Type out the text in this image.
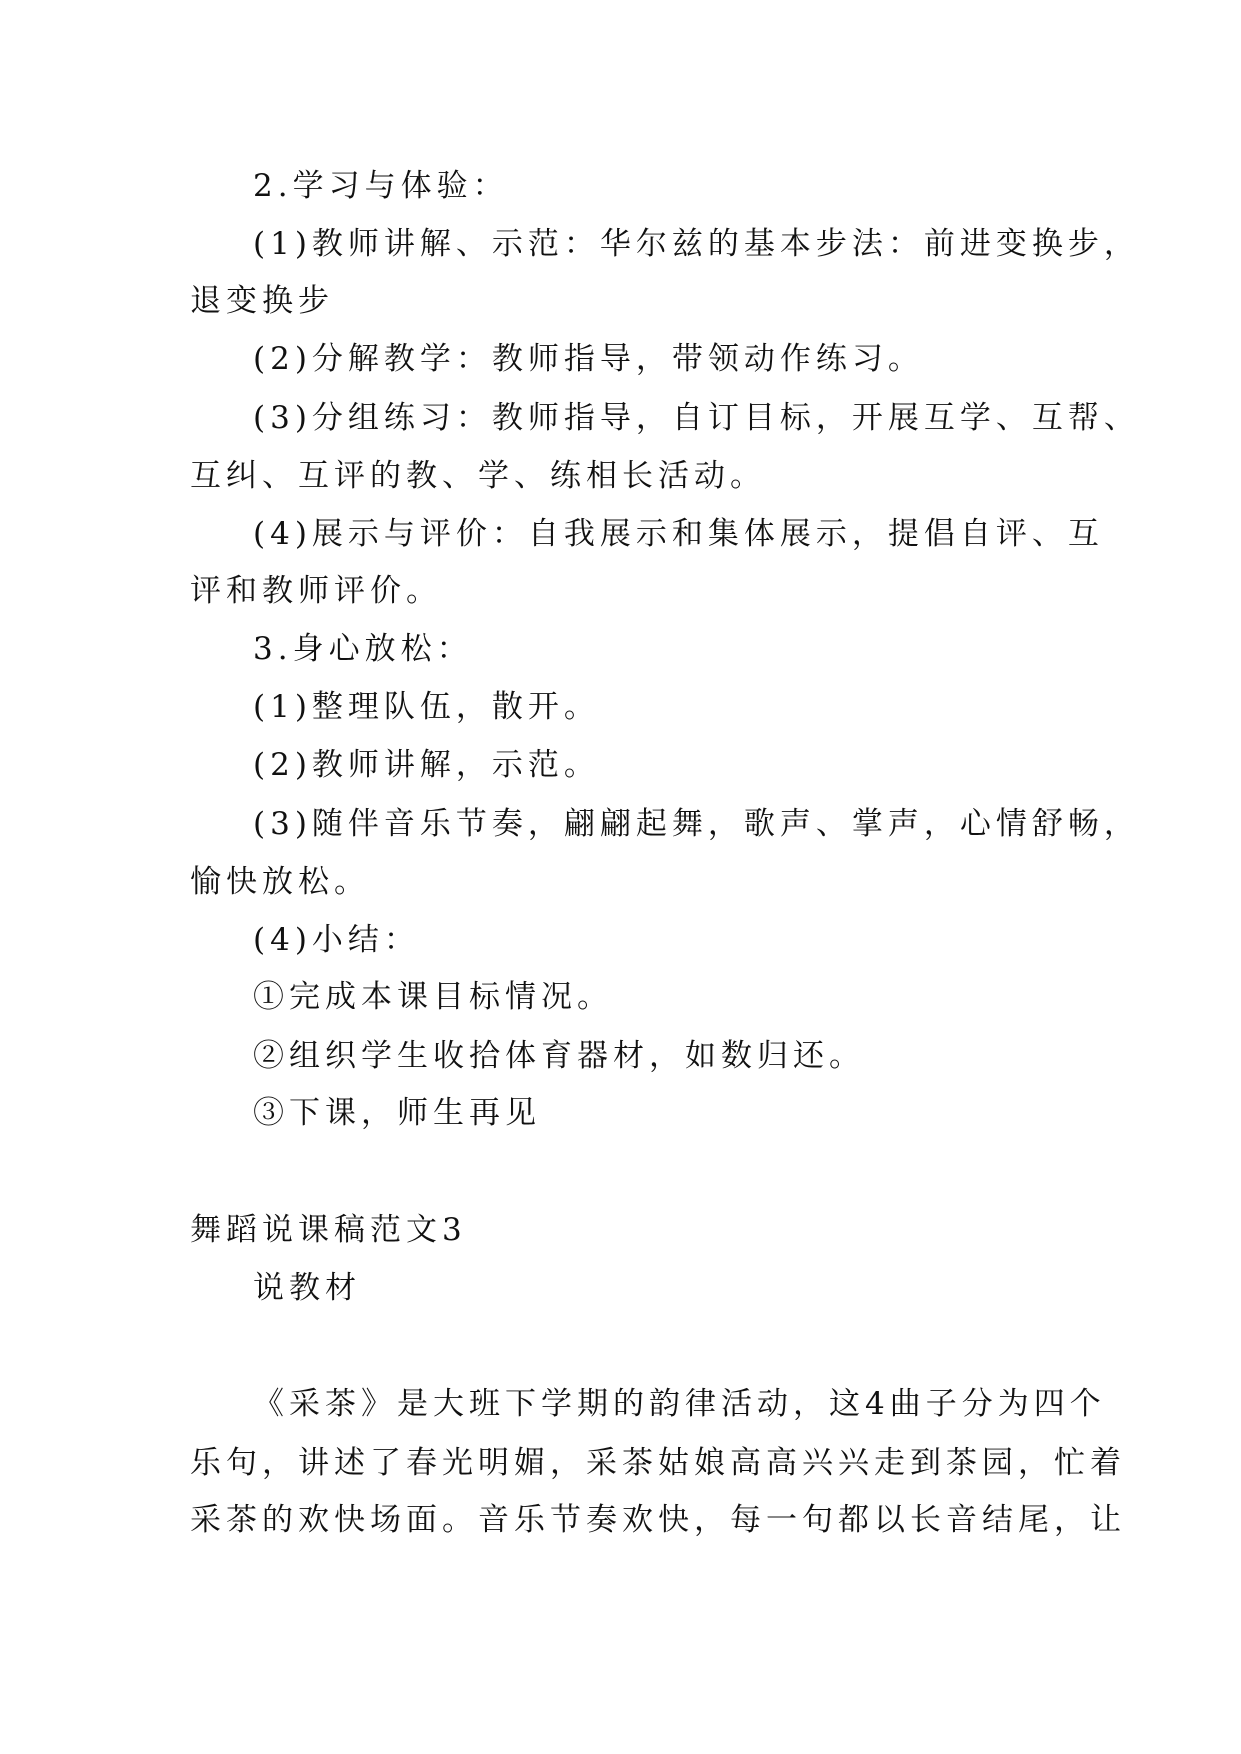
2.学习与体验：
(1)教师讲解、示范：华尔兹的基本步法：前进变换步，
退变换步
(2)分解教学：教师指导，带领动作练习。
(3)分组练习：教师指导，自订目标，开展互学、互帮、
互纠、互评的教、学、练相长活动。
(4)展示与评价：自我展示和集体展示，提倡自评、互
评和教师评价。
3.身心放松：
(1)整理队伍，散开。
(2)教师讲解，示范。
(3)随伴音乐节奏，翩翩起舞，歌声、掌声，心情舒畅，
愉快放松。
(4)小结：
①完成本课目标情况。
②组织学生收拾体育器材，如数归还。
③下课，师生再见
舞蹈说课稿范文3
说教材
《采茶》是大班下学期的韵律活动，这4曲子分为四个
乐句，讲述了春光明媚，采茶姑娘高高兴兴走到茶园，忙着
采茶的欢快场面。音乐节奏欢快，每一句都以长音结尾，让
